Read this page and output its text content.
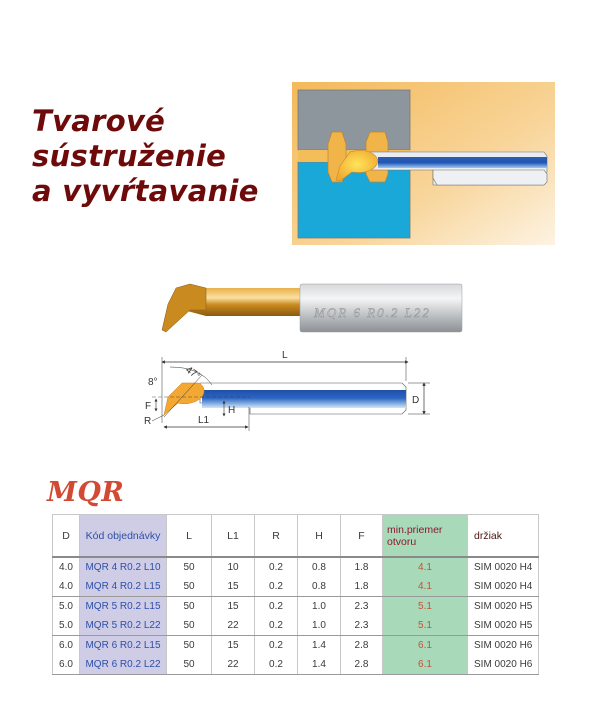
Tvarové
sústruženie
a vyvŕtavanie
MQR 6 R0.2 L22
L
D
L1
H
F
R
8°
47°
MQR
D	Kód objednávky	L	L1	R	H	F	min.priemer
otvoru	držiak
4.0	MQR 4 R0.2 L10	50	10	0.2	0.8	1.8	4.1	SIM 0020 H4
4.0	MQR 4 R0.2 L15	50	15	0.2	0.8	1.8	4.1	SIM 0020 H4
5.0	MQR 5 R0.2 L15	50	15	0.2	1.0	2.3	5.1	SIM 0020 H5
5.0	MQR 5 R0.2 L22	50	22	0.2	1.0	2.3	5.1	SIM 0020 H5
6.0	MQR 6 R0.2 L15	50	15	0.2	1.4	2.8	6.1	SIM 0020 H6
6.0	MQR 6 R0.2 L22	50	22	0.2	1.4	2.8	6.1	SIM 0020 H6
